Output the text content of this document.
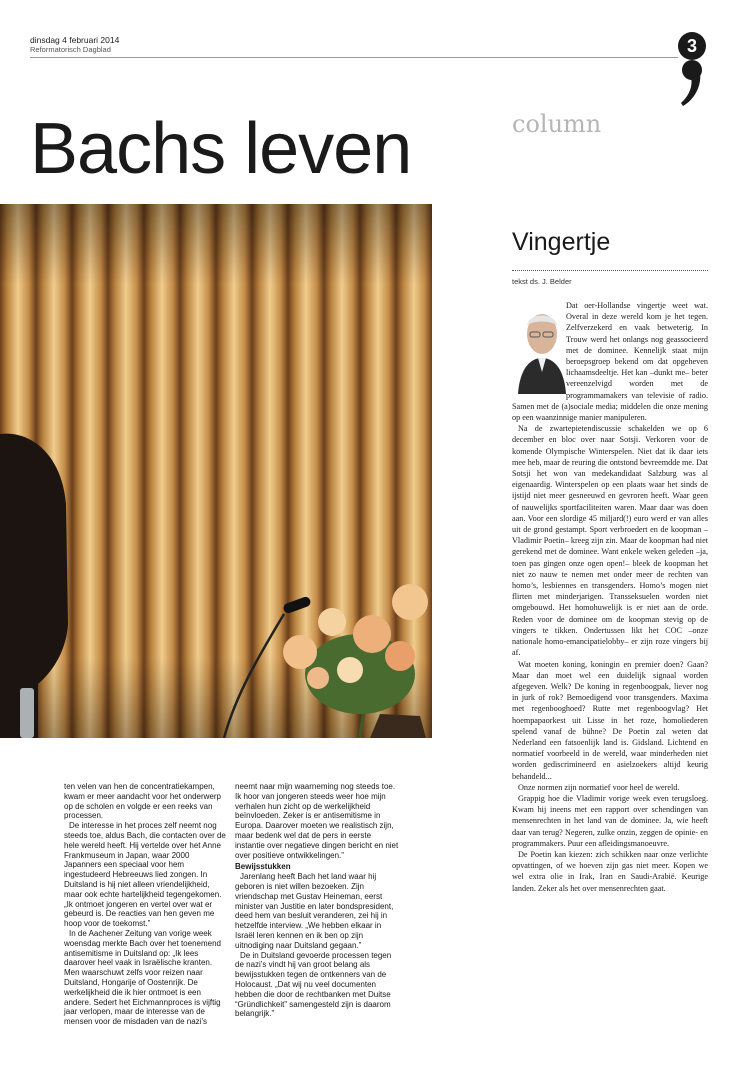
dinsdag 4 februari 2014
Reformatorisch Dagblad	3
Bachs leven	column
Vingertje
tekst ds. J. Belder

Dat oer-Hollandse vingertje weet wat. Overal in deze wereld kom je het tegen. Zelfverzekerd en vaak betweterig. In Trouw werd het onlangs nog geassocieerd met de dominee. Kennelijk staat mijn beroepsgroep bekend om dat opgeheven lichaamsdeeltje. Het kan –dunkt me– beter vereenzelvigd worden met de programmamakers van televisie of radio. Samen met de (a)sociale media; middelen die onze mening op een waanzinnige manier manipuleren.

Na de zwartepietendiscussie schakelden we op 6 december en bloc over naar Sotsji. Verkoren voor de komende Olympische Winterspelen. Niet dat ik daar iets mee heb, maar de reuring die ontstond bevreemdde me. Dat Sotsji het won van medekandidaat Salzburg was al eigenaardig. Winterspelen op een plaats waar het sinds de ijstijd niet meer gesneeuwd en gevroren heeft. Waar geen of nauwelijks sportfaciliteiten waren. Maar daar was doen aan. Voor een slordige 45 miljard(!) euro werd er van alles uit de grond gestampt. Sport verbroedert en de koopman –Vladimir Poetin– kreeg zijn zin. Maar de koopman had niet gerekend met de dominee. Want enkele weken geleden –ja, toen pas gingen onze ogen open!– bleek de koopman het niet zo nauw te nemen met onder meer de rechten van homo’s, lesbiennes en transgenders. Homo’s mogen niet flirten met minderjarigen. Transseksuelen worden niet omgebouwd. Het homohuwelijk is er niet aan de orde. Reden voor de dominee om de koopman stevig op de vingers te tikken. Ondertussen likt het COC –onze nationale homo-emancipatielobby– er zijn roze vingers bij af.

Wat moeten koning, koningin en premier doen? Gaan? Maar dan moet wel een duidelijk signaal worden afgegeven. Welk? De koning in regenboogpak, liever nog in jurk of rok? Bemoedigend voor transgenders. Maxima met regenbooghoed? Rutte met regenboogvlag? Het hoempapaorkest uit Lisse in het roze, homoliederen spelend vanaf de bühne? De Poetin zal weten dat Nederland een fatsoenlijk land is. Gidsland. Lichtend en normatief voorbeeld in de wereld, waar minderheden niet worden gediscrimineerd en asielzoekers altijd keurig behandeld...

Onze normen zijn normatief voor heel de wereld.

Grappig hoe die Vladimir vorige week even terugsloeg. Kwam hij ineens met een rapport over schendingen van mensenrechten in het land van de dominee. Ja, wie heeft daar van terug? Negeren, zulke onzin, zeggen de opinie- en programmakers. Puur een afleidingsmanoeuvre.

De Poetin kan kiezen: zich schikken naar onze verlichte opvattingen, of we hoeven zijn gas niet meer. Kopen we wel extra olie in Irak, Iran en Saudi-Arabië. Keurige landen. Zeker als het over mensenrechten gaat.

ten velen van hen de concentratiekampen, kwam er meer aandacht voor het onderwerp op de scholen en volgde er een reeks van processen.

De interesse in het proces zelf neemt nog steeds toe, aldus Bach, die contacten over de hele wereld heeft. Hij vertelde over het Anne Frankmuseum in Japan, waar 2000 Japanners een speciaal voor hem ingestudeerd Hebreeuws lied zongen. In Duitsland is hij niet alleen vriendelijkheid, maar ook echte hartelijkheid tegengekomen. „Ik ontmoet jongeren en vertel over wat er gebeurd is. De reacties van hen geven me hoop voor de toekomst.”

In de Aachener Zeitung van vorige week woensdag merkte Bach over het toenemend antisemitisme in Duitsland op: „Ik lees daarover heel vaak in Israëlische kranten. Men waarschuwt zelfs voor reizen naar Duitsland, Hongarije of Oostenrijk. De werkelijkheid die ik hier ontmoet is een andere. Sedert het Eichmannproces is vijftig jaar verlopen, maar de interesse van de mensen voor de misdaden van de nazi’s

neemt naar mijn waarneming nog steeds toe. Ik hoor van jongeren steeds weer hoe mijn verhalen hun zicht op de werkelijkheid beïnvloeden. Zeker is er antisemitisme in Europa. Daarover moeten we realistisch zijn, maar bedenk wel dat de pers in eerste instantie over negatieve dingen bericht en niet over positieve ontwikkelingen.”

Bewijsstukken

Jarenlang heeft Bach het land waar hij geboren is niet willen bezoeken. Zijn vriendschap met Gustav Heineman, eerst minister van Justitie en later bondspresident, deed hem van besluit veranderen, zei hij in hetzelfde interview. „We hebben elkaar in Israël leren kennen en ik ben op zijn uitnodiging naar Duitsland gegaan.”

De in Duitsland gevoerde processen tegen de nazi’s vindt hij van groot belang als bewijsstukken tegen de ontkenners van de Holocaust. „Dat wij nu veel documenten hebben die door de rechtbanken met Duitse “Gründlichkeit” samengesteld zijn is daarom belangrijk.”
